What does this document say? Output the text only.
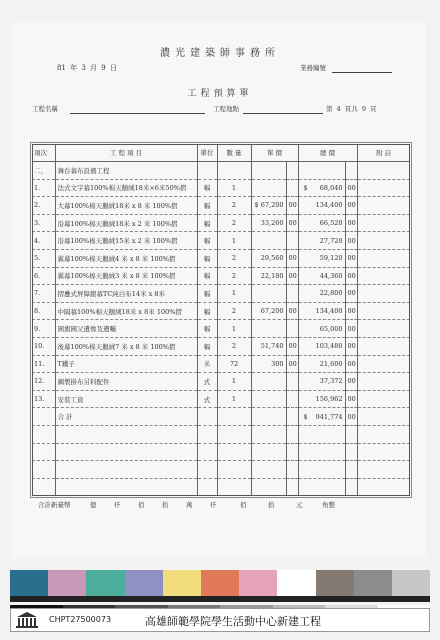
濃光建築師事務所
81 年 3 月 9 日	業務編號
工程預算單
工程名稱	工程地點	第 4 頁共 9 頁
項次	工 程 項 目	單位	數 量	單 價		總 價		附 註
二、	舞台幕布設備工程							
1.	法式文字幕100%棉天鵝絨18米×6米50%摺	幅	1			$ 68,040	00	
2.	大幕100%棉天鵝絨18米 x 8 米 100%摺	幅	2	$ 67,200	00	134,400	00	
3.	沿幕100%棉天鵝絨18米 x 2 米 100%摺	幅	2	33,260	00	66,520	00	
4.	沿幕100%棉天鵝絨15米 x 2 米 100%摺	幅	1			27,720	00	
5.	翼幕100%棉天鵝絨4 米 x 8 米 100%摺	幅	2	29,560	00	59,120	00	
6.	翼幕100%棉天鵝絨3 米 x 8 米 100%摺	幅	2	22,180	00	44,360	00	
7.	摺疊式屏障銀幕TC純白布14米 x 8米	幅	1			22,800	00	
8.	中隔幕100%棉天鵝絨18米 x 8米 100%摺	幅	2	67,200	00	134,400	00	
9.	國旗國父遺像及遺囑	幅	1			65,000	00	
10.	後幕100%棉天鵝絨7 米 x 8 米 100%摺	幅	2	51,740	00	103,480	00	
11.	T鐵子	米	72	300	00	21,600	00	
12.	鋼製掛布另料配件	式	1			37,372	00	
13.	安裝工資	式	1			156,962	00	
	合 計					$ 941,774	00	

合計新臺幣	億	仟	佰	拾	萬	仟	佰	拾	元	角整
CHPT27500073	高雄師範學院學生活動中心新建工程
